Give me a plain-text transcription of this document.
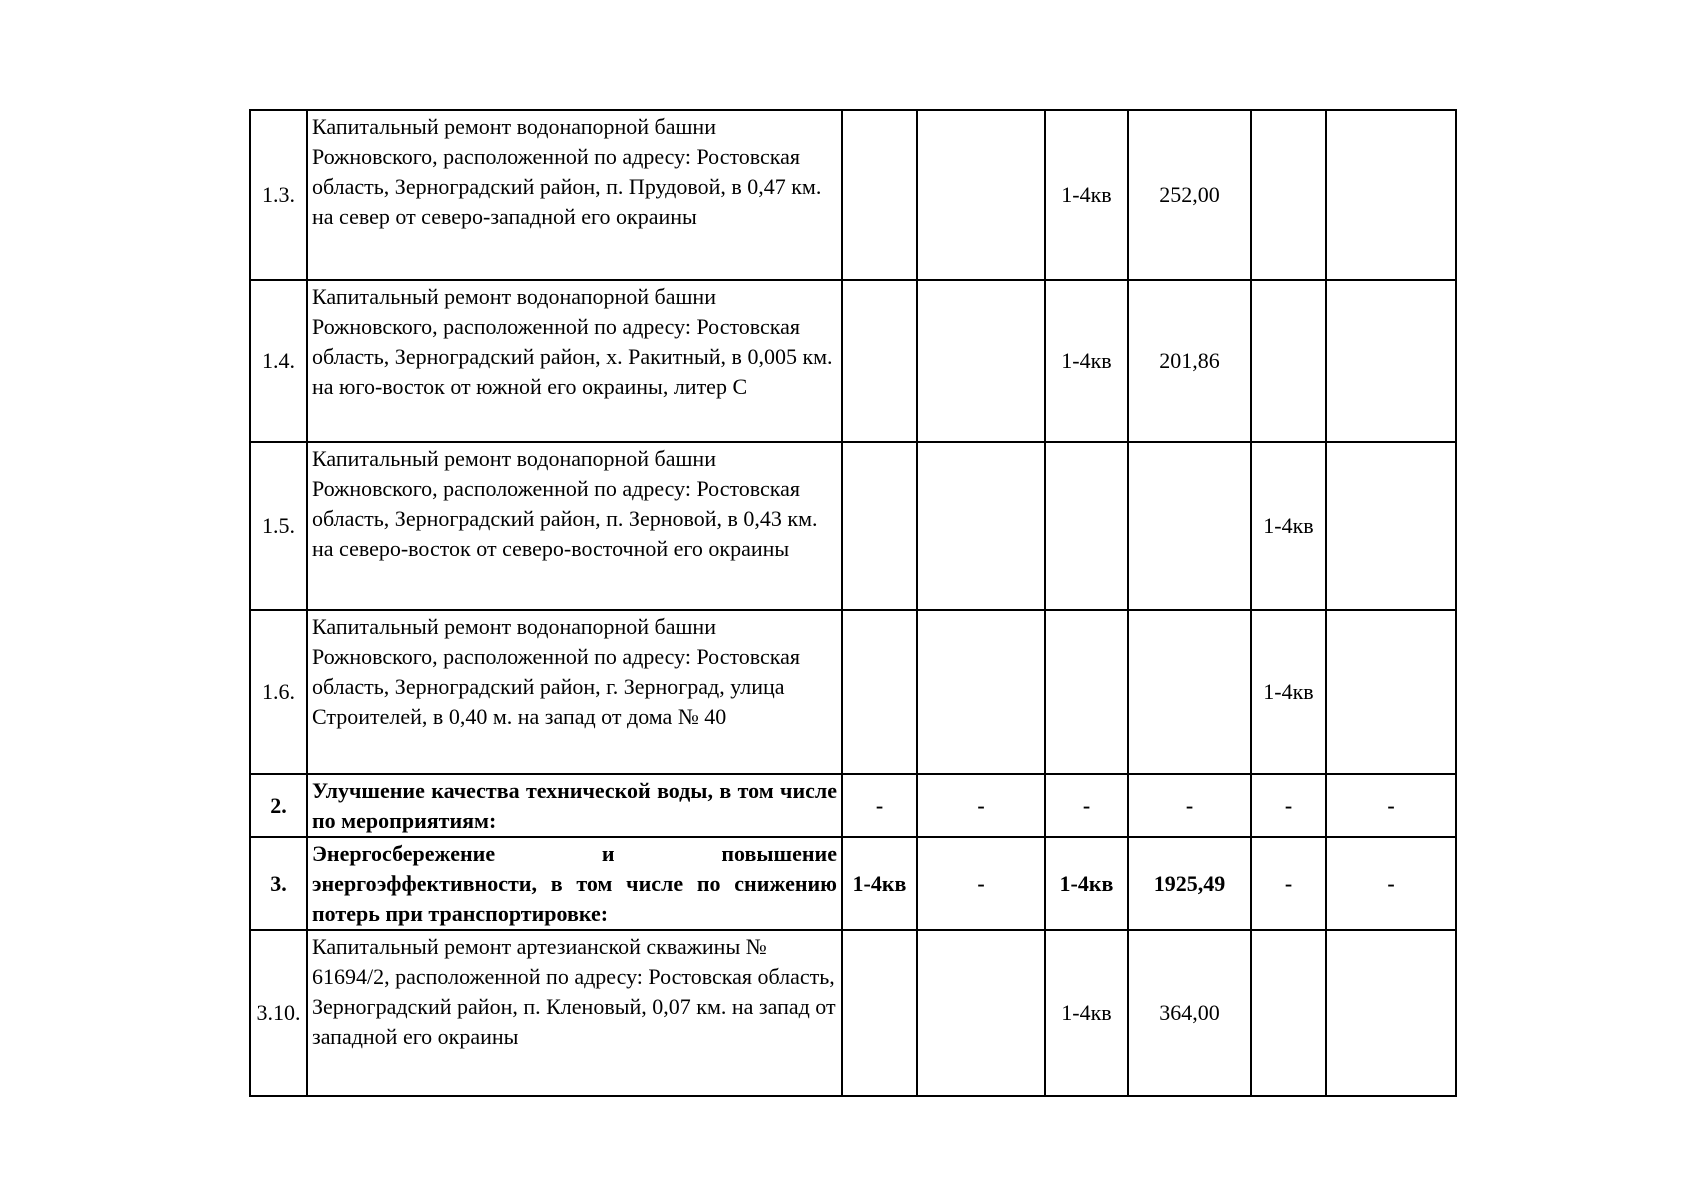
1.3.	Капитальный ремонт водонапорной башни Рожновского, расположенной по адресу: Ростовская область, Зерноградский район, п. Прудовой, в 0,47 км. на север от северо-западной его окраины			1-4кв	252,00		
1.4.	Капитальный ремонт водонапорной башни Рожновского, расположенной по адресу: Ростовская область, Зерноградский район, х. Ракитный, в 0,005 км. на юго-восток от южной его окраины, литер С			1-4кв	201,86		
1.5.	Капитальный ремонт водонапорной башни Рожновского, расположенной по адресу: Ростовская область, Зерноградский район, п. Зерновой, в 0,43 км. на северо-восток от северо-восточной его окраины					1-4кв	
1.6.	Капитальный ремонт водонапорной башни Рожновского, расположенной по адресу: Ростовская область, Зерноградский район, г. Зерноград, улица Строителей, в 0,40 м. на запад от дома № 40					1-4кв	
2.	Улучшение качества технической воды, в том числе по мероприятиям:	-	-	-	-	-	-
3.	Энергосбережение и повышение энергоэффективности, в том числе по снижению потерь при транспортировке:	1-4кв	-	1-4кв	1925,49	-	-
3.10.	Капитальный ремонт артезианской скважины № 61694/2, расположенной по адресу: Ростовская область, Зерноградский район, п. Кленовый, 0,07 км. на запад от западной его окраины			1-4кв	364,00		
